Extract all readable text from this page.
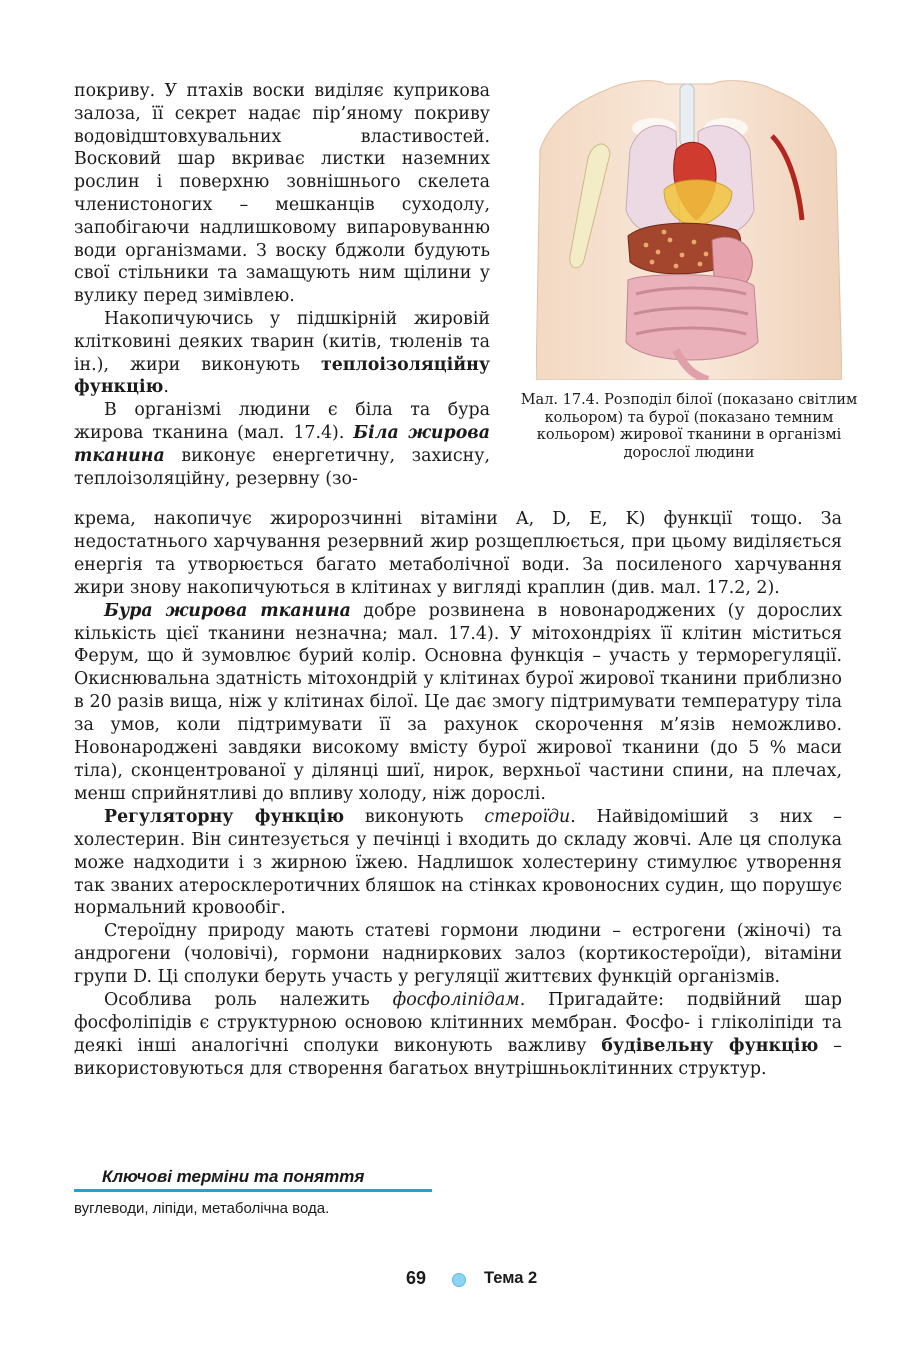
покриву. У птахів воски виділяє куприкова залоза, її секрет надає пір’яному покриву водовідштовхувальних властивостей. Восковий шар вкриває листки наземних рослин і поверхню зовнішнього скелета членистоногих – мешканців суходолу, запобігаючи надлишковому випаровуванню води організмами. З воску бджоли будують свої стільники та замащують ним щілини у вулику перед зимівлею.

Накопичуючись у підшкірній жировій клітковині деяких тварин (китів, тюленів та ін.), жири виконують теплоізоляційну функцію.

В організмі людини є біла та бура жирова тканина (мал. 17.4). Біла жирова тканина виконує енергетичну, захисну, теплоізоляційну, резервну (зо-

Мал. 17.4. Розподіл білої (показано світлим кольором) та бурої (показано темним кольором) жирової тканини в організмі дорослої людини

крема, накопичує жиророзчинні вітаміни A, D, E, K) функції тощо. За недостатнього харчування резервний жир розщеплюється, при цьому виділяється енергія та утворюється багато метаболічної води. За посиленого харчування жири знову накопичуються в клітинах у вигляді краплин (див. мал. 17.2, 2).

Бура жирова тканина добре розвинена в новонароджених (у дорослих кількість цієї тканини незначна; мал. 17.4). У мітохондріях її клітин міститься Ферум, що й зумовлює бурий колір. Основна функція – участь у терморегуляції. Окиснювальна здатність мітохондрій у клітинах бурої жирової тканини приблизно в 20 разів вища, ніж у клітинах білої. Це дає змогу підтримувати температуру тіла за умов, коли підтримувати її за рахунок скорочення м’язів неможливо. Новонароджені завдяки високому вмісту бурої жирової тканини (до 5 % маси тіла), сконцентрованої у ділянці шиї, нирок, верхньої частини спини, на плечах, менш сприйнятливі до впливу холоду, ніж дорослі.

Регуляторну функцію виконують стероїди. Найвідоміший з них – холестерин. Він синтезується у печінці і входить до складу жовчі. Але ця сполука може надходити і з жирною їжею. Надлишок холестерину стимулює утворення так званих атеросклеротичних бляшок на стінках кровоносних судин, що порушує нормальний кровообіг.

Стероїдну природу мають статеві гормони людини – естрогени (жіночі) та андрогени (чоловічі), гормони надниркових залоз (кортикостероїди), вітаміни групи D. Ці сполуки беруть участь у регуляції життєвих функцій організмів.

Особлива роль належить фосфоліпідам. Пригадайте: подвійний шар фосфоліпідів є структурною основою клітинних мембран. Фосфо- і гліколіпіди та деякі інші аналогічні сполуки виконують важливу будівельну функцію – використовуються для створення багатьох внутрішньоклітинних структур.

Ключові терміни та поняття
вуглеводи, ліпіди, метаболічна вода.
69	Тема 2
